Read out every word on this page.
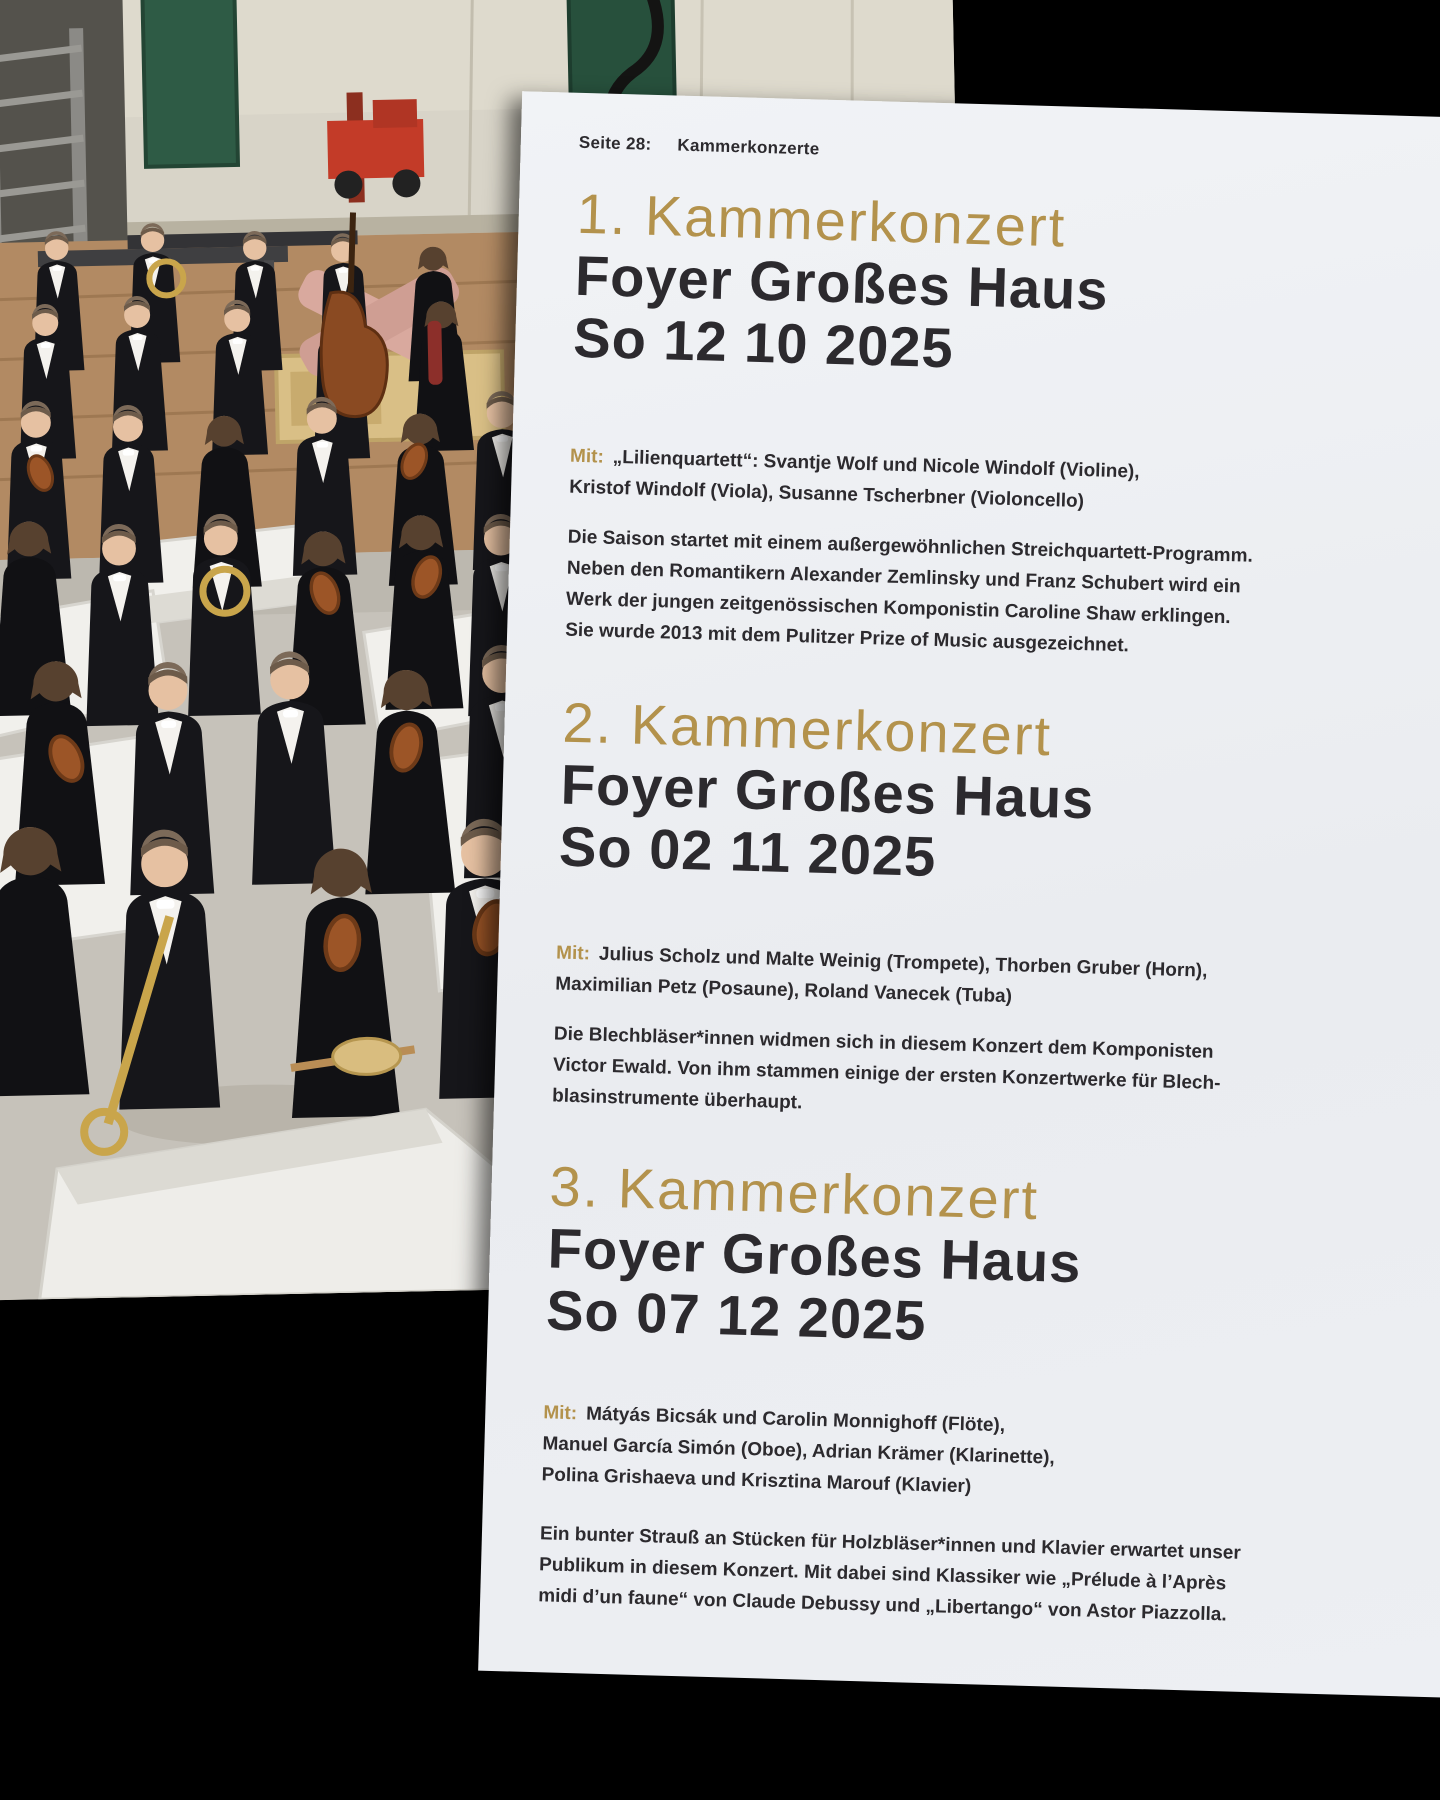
Seite 28: Kammerkonzerte
1. Kammerkonzert
Foyer Großes Haus
So 12 10 2025

Mit: „Lilienquartett“: Svantje Wolf und Nicole Windolf (Violine),
Kristof Windolf (Viola), Susanne Tscherbner (Violoncello)

Die Saison startet mit einem außergewöhnlichen Streichquartett-Programm.
Neben den Romantikern Alexander Zemlinsky und Franz Schubert wird ein
Werk der jungen zeitgenössischen Komponistin Caroline Shaw erklingen.
Sie wurde 2013 mit dem Pulitzer Prize of Music ausgezeichnet.

2. Kammerkonzert
Foyer Großes Haus
So 02 11 2025

Mit: Julius Scholz und Malte Weinig (Trompete), Thorben Gruber (Horn),
Maximilian Petz (Posaune), Roland Vanecek (Tuba)

Die Blechbläser*innen widmen sich in diesem Konzert dem Komponisten
Victor Ewald. Von ihm stammen einige der ersten Konzertwerke für Blech-
blasinstrumente überhaupt.

3. Kammerkonzert
Foyer Großes Haus
So 07 12 2025

Mit: Mátyás Bicsák und Carolin Monnighoff (Flöte),
Manuel García Simón (Oboe), Adrian Krämer (Klarinette),
Polina Grishaeva und Krisztina Marouf (Klavier)

Ein bunter Strauß an Stücken für Holzbläser*innen und Klavier erwartet unser
Publikum in diesem Konzert. Mit dabei sind Klassiker wie „Prélude à l’Après
midi d’un faune“ von Claude Debussy und „Libertango“ von Astor Piazzolla.
